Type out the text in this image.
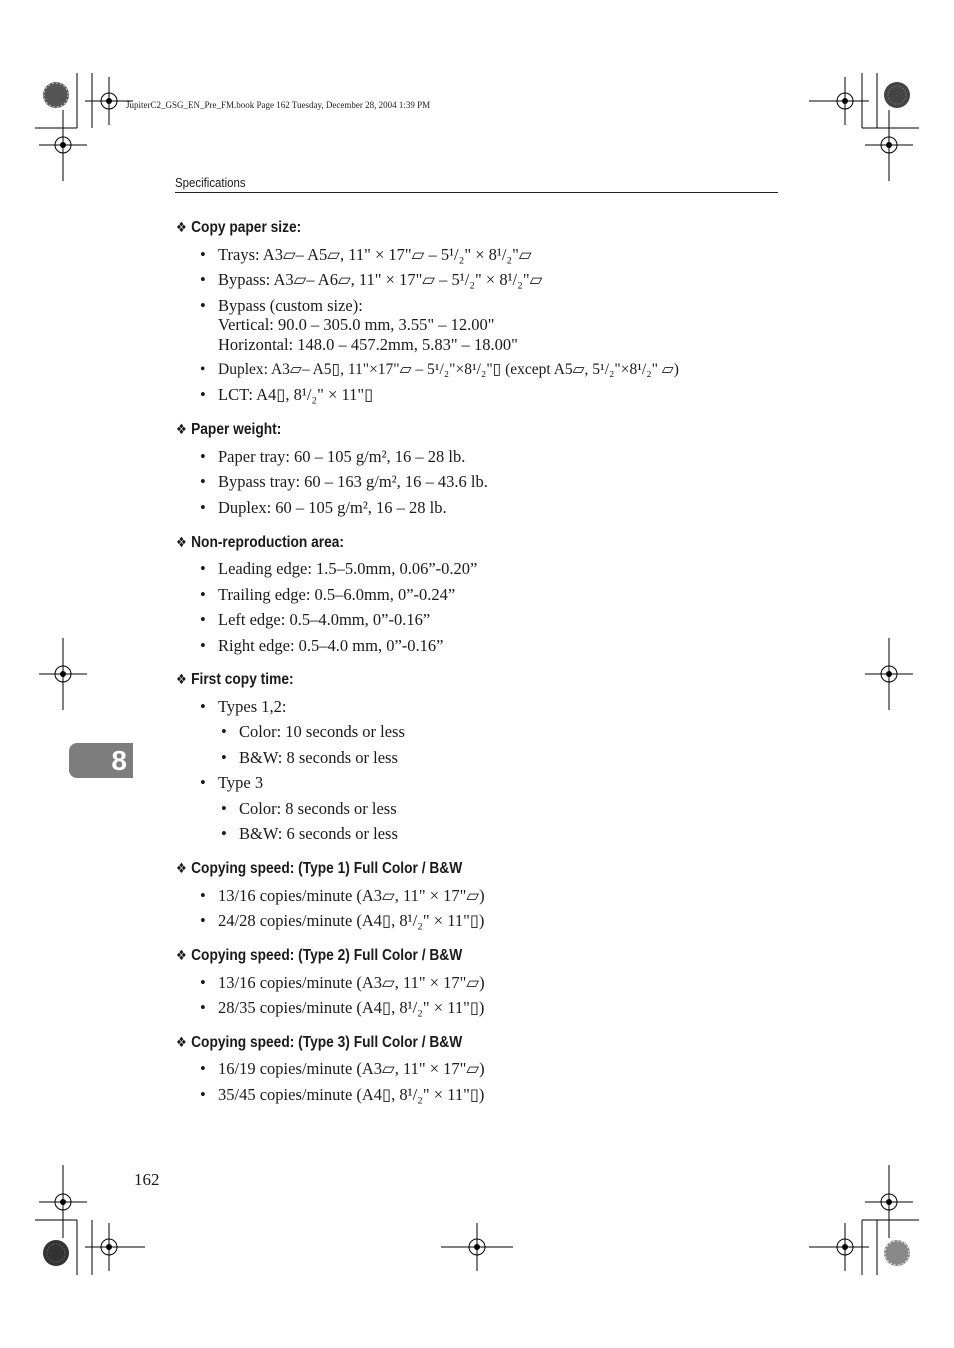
JupiterC2_GSG_EN_Pre_FM.book Page 162 Tuesday, December 28, 2004 1:39 PM
Specifications
8
162
❖ Copy paper size:
• Trays: A3▱– A5▱, 11" × 17"▱ – 5¹/₂" × 8¹/₂"▱
• Bypass: A3▱– A6▱, 11" × 17"▱ – 5¹/₂" × 8¹/₂"▱
• Bypass (custom size):
Vertical: 90.0 – 305.0 mm, 3.55" – 12.00"
Horizontal: 148.0 – 457.2mm, 5.83" – 18.00"
• Duplex: A3▱– A5▯, 11"×17"▱ – 5¹/₂"×8¹/₂"▯ (except A5▱, 5¹/₂"×8¹/₂" ▱)
• LCT: A4▯, 8¹/₂" × 11"▯
❖ Paper weight:
• Paper tray: 60 – 105 g/m², 16 – 28 lb.
• Bypass tray: 60 – 163 g/m², 16 – 43.6 lb.
• Duplex: 60 – 105 g/m², 16 – 28 lb.
❖ Non-reproduction area:
• Leading edge: 1.5–5.0mm, 0.06”-0.20”
• Trailing edge: 0.5–6.0mm, 0”-0.24”
• Left edge: 0.5–4.0mm, 0”-0.16”
• Right edge: 0.5–4.0 mm, 0”-0.16”
❖ First copy time:
• Types 1,2:
• Color: 10 seconds or less
• B&W: 8 seconds or less
• Type 3
• Color: 8 seconds or less
• B&W: 6 seconds or less
❖ Copying speed: (Type 1) Full Color / B&W
• 13/16 copies/minute (A3▱, 11" × 17"▱)
• 24/28 copies/minute (A4▯, 8¹/₂" × 11"▯)
❖ Copying speed: (Type 2) Full Color / B&W
• 13/16 copies/minute (A3▱, 11" × 17"▱)
• 28/35 copies/minute (A4▯, 8¹/₂" × 11"▯)
❖ Copying speed: (Type 3) Full Color / B&W
• 16/19 copies/minute (A3▱, 11" × 17"▱)
• 35/45 copies/minute (A4▯, 8¹/₂" × 11"▯)
